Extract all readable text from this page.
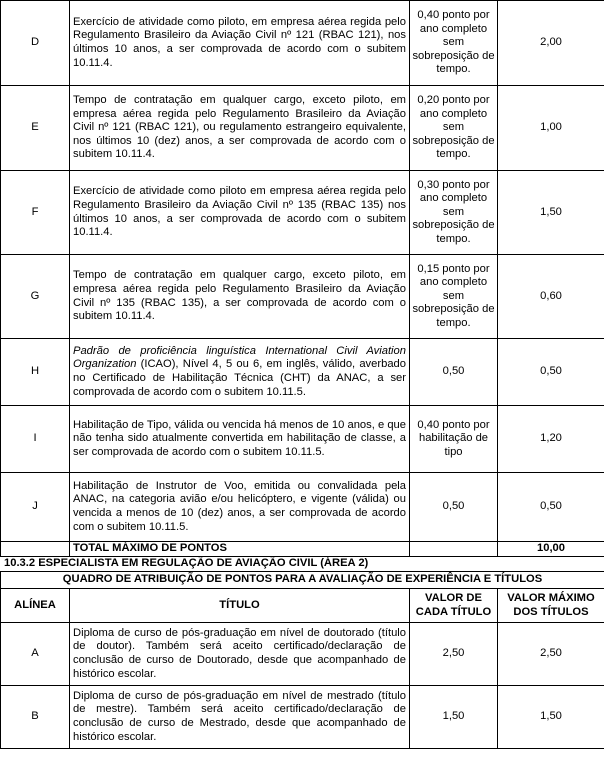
D	Exercício de atividade como piloto, em empresa aérea regida pelo Regulamento Brasileiro da Aviação Civil nº 121 (RBAC 121), nos últimos 10 anos, a ser comprovada de acordo com o subitem 10.11.4.	0,40 ponto por ano completo sem sobreposição de tempo.	2,00
E	Tempo de contratação em qualquer cargo, exceto piloto, em empresa aérea regida pelo Regulamento Brasileiro da Aviação Civil nº 121 (RBAC 121), ou regulamento estrangeiro equivalente, nos últimos 10 (dez) anos, a ser comprovada de acordo com o subitem 10.11.4.	0,20 ponto por ano completo sem sobreposição de tempo.	1,00
F	Exercício de atividade como piloto em empresa aérea regida pelo Regulamento Brasileiro da Aviação Civil nº 135 (RBAC 135) nos últimos 10 anos, a ser comprovada de acordo com o subitem 10.11.4.	0,30 ponto por ano completo sem sobreposição de tempo.	1,50
G	Tempo de contratação em qualquer cargo, exceto piloto, em empresa aérea regida pelo Regulamento Brasileiro da Aviação Civil nº 135 (RBAC 135), a ser comprovada de acordo com o subitem 10.11.4.	0,15 ponto por ano completo sem sobreposição de tempo.	0,60
H	Padrão de proficiência linguística International Civil Aviation Organization (ICAO), Nível 4, 5 ou 6, em inglês, válido, averbado no Certificado de Habilitação Técnica (CHT) da ANAC, a ser comprovada de acordo com o subitem 10.11.5.	0,50	0,50
I	Habilitação de Tipo, válida ou vencida há menos de 10 anos, e que não tenha sido atualmente convertida em habilitação de classe, a ser comprovada de acordo com o subitem 10.11.5.	0,40 ponto por habilitação de tipo	1,20
J	Habilitação de Instrutor de Voo, emitida ou convalidada pela ANAC, na categoria avião e/ou helicóptero, e vigente (válida) ou vencida a menos de 10 (dez) anos, a ser comprovada de acordo com o subitem 10.11.5.	0,50	0,50
	TOTAL MÁXIMO DE PONTOS		10,00
10.3.2 ESPECIALISTA EM REGULAÇÃO DE AVIAÇÃO CIVIL (ÁREA 2)
QUADRO DE ATRIBUIÇÃO DE PONTOS PARA A AVALIAÇÃO DE EXPERIÊNCIA E TÍTULOS			
ALÍNEA	TÍTULO	VALOR DE CADA TÍTULO	VALOR MÁXIMO DOS TÍTULOS
A	Diploma de curso de pós-graduação em nível de doutorado (título de doutor). Também será aceito certificado/declaração de conclusão de curso de Doutorado, desde que acompanhado de histórico escolar.	2,50	2,50
B	Diploma de curso de pós-graduação em nível de mestrado (título de mestre). Também será aceito certificado/declaração de conclusão de curso de Mestrado, desde que acompanhado de histórico escolar.	1,50	1,50
